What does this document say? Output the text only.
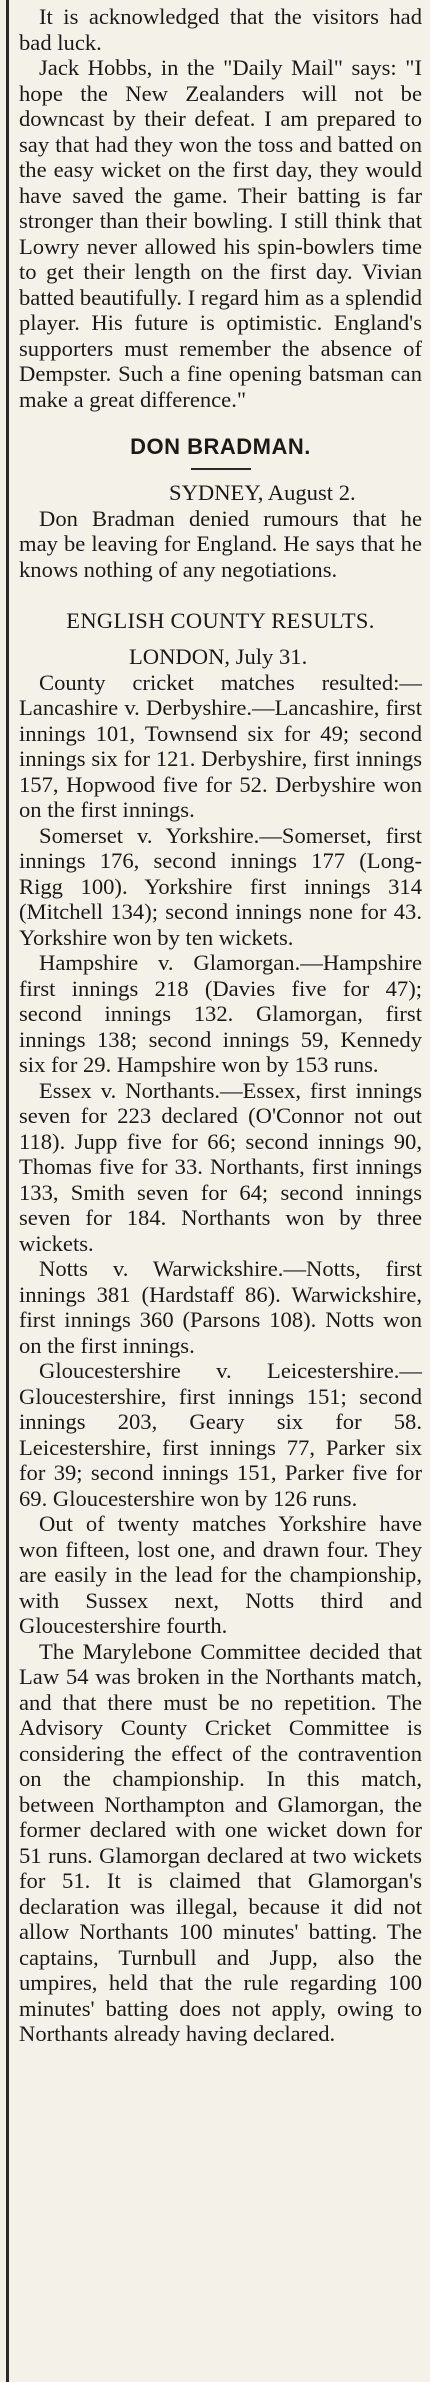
It is acknowledged that the visitors had bad luck.

Jack Hobbs, in the "Daily Mail" says: "I hope the New Zealanders will not be downcast by their defeat. I am prepared to say that had they won the toss and batted on the easy wicket on the first day, they would have saved the game. Their batting is far stronger than their bowling. I still think that Lowry never allowed his spin-bowlers time to get their length on the first day. Vivian batted beautifully. I regard him as a splendid player. His future is optimistic. England's supporters must remember the absence of Dempster. Such a fine opening batsman can make a great difference."

DON BRADMAN.

SYDNEY, August 2.

Don Bradman denied rumours that he may be leaving for England. He says that he knows nothing of any negotiations.

ENGLISH COUNTY RESULTS.

LONDON, July 31.

County cricket matches resulted:—Lancashire v. Derbyshire.—Lancashire, first innings 101, Townsend six for 49; second innings six for 121. Derbyshire, first innings 157, Hopwood five for 52. Derbyshire won on the first innings.

Somerset v. Yorkshire.—Somerset, first innings 176, second innings 177 (Long-Rigg 100). Yorkshire first innings 314 (Mitchell 134); second innings none for 43. Yorkshire won by ten wickets.

Hampshire v. Glamorgan.—Hampshire first innings 218 (Davies five for 47); second innings 132. Glamorgan, first innings 138; second innings 59, Kennedy six for 29. Hampshire won by 153 runs.

Essex v. Northants.—Essex, first innings seven for 223 declared (O'Connor not out 118). Jupp five for 66; second innings 90, Thomas five for 33. Northants, first innings 133, Smith seven for 64; second innings seven for 184. Northants won by three wickets.

Notts v. Warwickshire.—Notts, first innings 381 (Hardstaff 86). Warwickshire, first innings 360 (Parsons 108). Notts won on the first innings.

Gloucestershire v. Leicestershire.—Gloucestershire, first innings 151; second innings 203, Geary six for 58. Leicestershire, first innings 77, Parker six for 39; second innings 151, Parker five for 69. Gloucestershire won by 126 runs.

Out of twenty matches Yorkshire have won fifteen, lost one, and drawn four. They are easily in the lead for the championship, with Sussex next, Notts third and Gloucestershire fourth.

The Marylebone Committee decided that Law 54 was broken in the Northants match, and that there must be no repetition. The Advisory County Cricket Committee is considering the effect of the contravention on the championship. In this match, between Northampton and Glamorgan, the former declared with one wicket down for 51 runs. Glamorgan declared at two wickets for 51. It is claimed that Glamorgan's declaration was illegal, because it did not allow Northants 100 minutes' batting. The captains, Turnbull and Jupp, also the umpires, held that the rule regarding 100 minutes' batting does not apply, owing to Northants already having declared.
